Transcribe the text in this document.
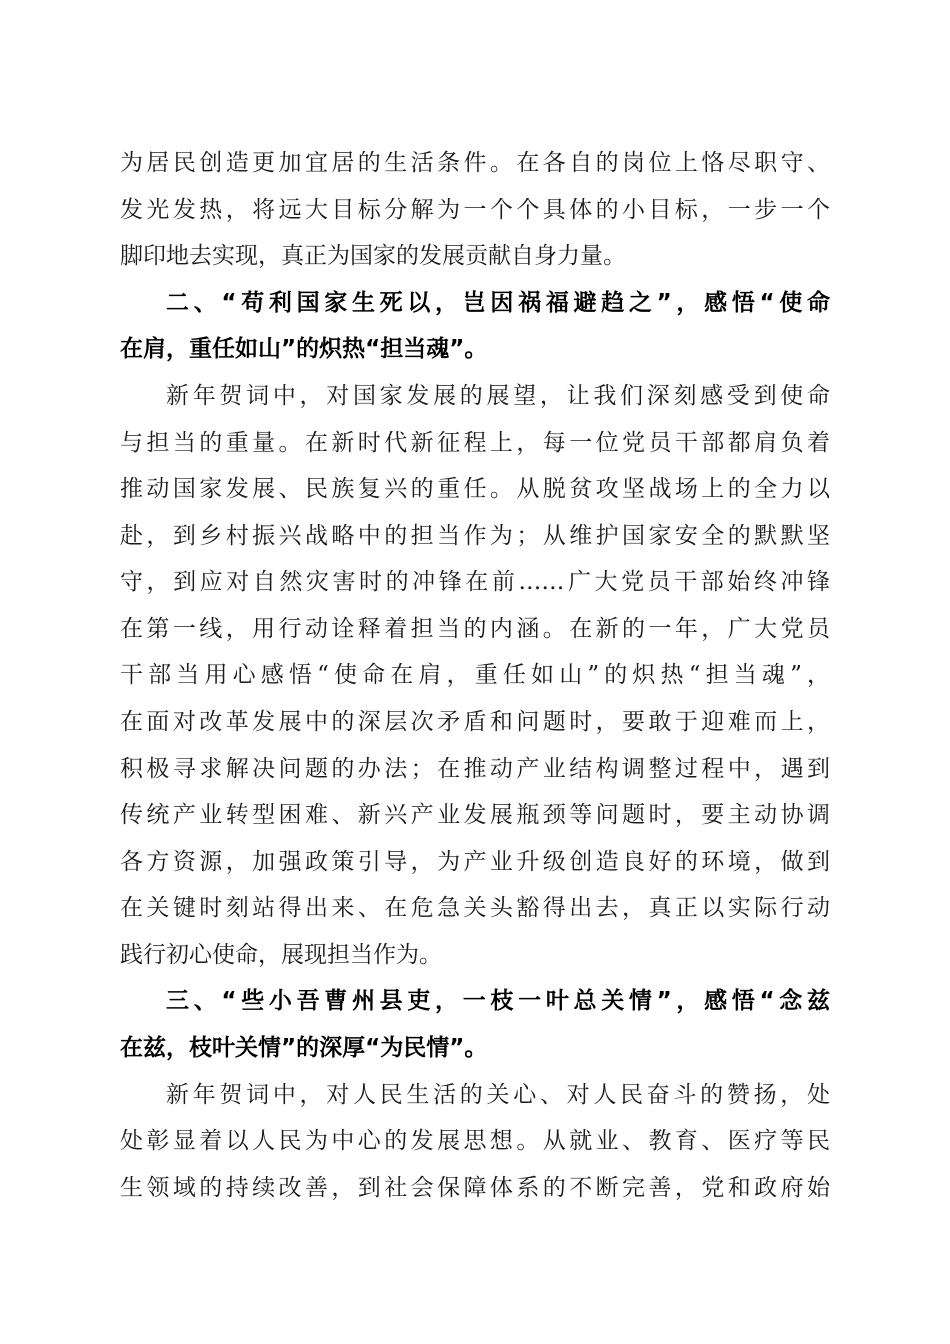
为居民创造更加宜居的生活条件。在各自的岗位上恪尽职守、
发光发热，将远大目标分解为一个个具体的小目标，一步一个
脚印地去实现，真正为国家的发展贡献自身力量。
二、“苟利国家生死以，岂因祸福避趋之”，感悟“使命
在肩，重任如山”的炽热“担当魂”。
新年贺词中，对国家发展的展望，让我们深刻感受到使命
与担当的重量。在新时代新征程上，每一位党员干部都肩负着
推动国家发展、民族复兴的重任。从脱贫攻坚战场上的全力以
赴，到乡村振兴战略中的担当作为；从维护国家安全的默默坚
守，到应对自然灾害时的冲锋在前……广大党员干部始终冲锋
在第一线，用行动诠释着担当的内涵。在新的一年，广大党员
干部当用心感悟“使命在肩，重任如山”的炽热“担当魂”，
在面对改革发展中的深层次矛盾和问题时，要敢于迎难而上，
积极寻求解决问题的办法；在推动产业结构调整过程中，遇到
传统产业转型困难、新兴产业发展瓶颈等问题时，要主动协调
各方资源，加强政策引导，为产业升级创造良好的环境，做到
在关键时刻站得出来、在危急关头豁得出去，真正以实际行动
践行初心使命，展现担当作为。
三、“些小吾曹州县吏，一枝一叶总关情”，感悟“念兹
在兹，枝叶关情”的深厚“为民情”。
新年贺词中，对人民生活的关心、对人民奋斗的赞扬，处
处彰显着以人民为中心的发展思想。从就业、教育、医疗等民
生领域的持续改善，到社会保障体系的不断完善，党和政府始
